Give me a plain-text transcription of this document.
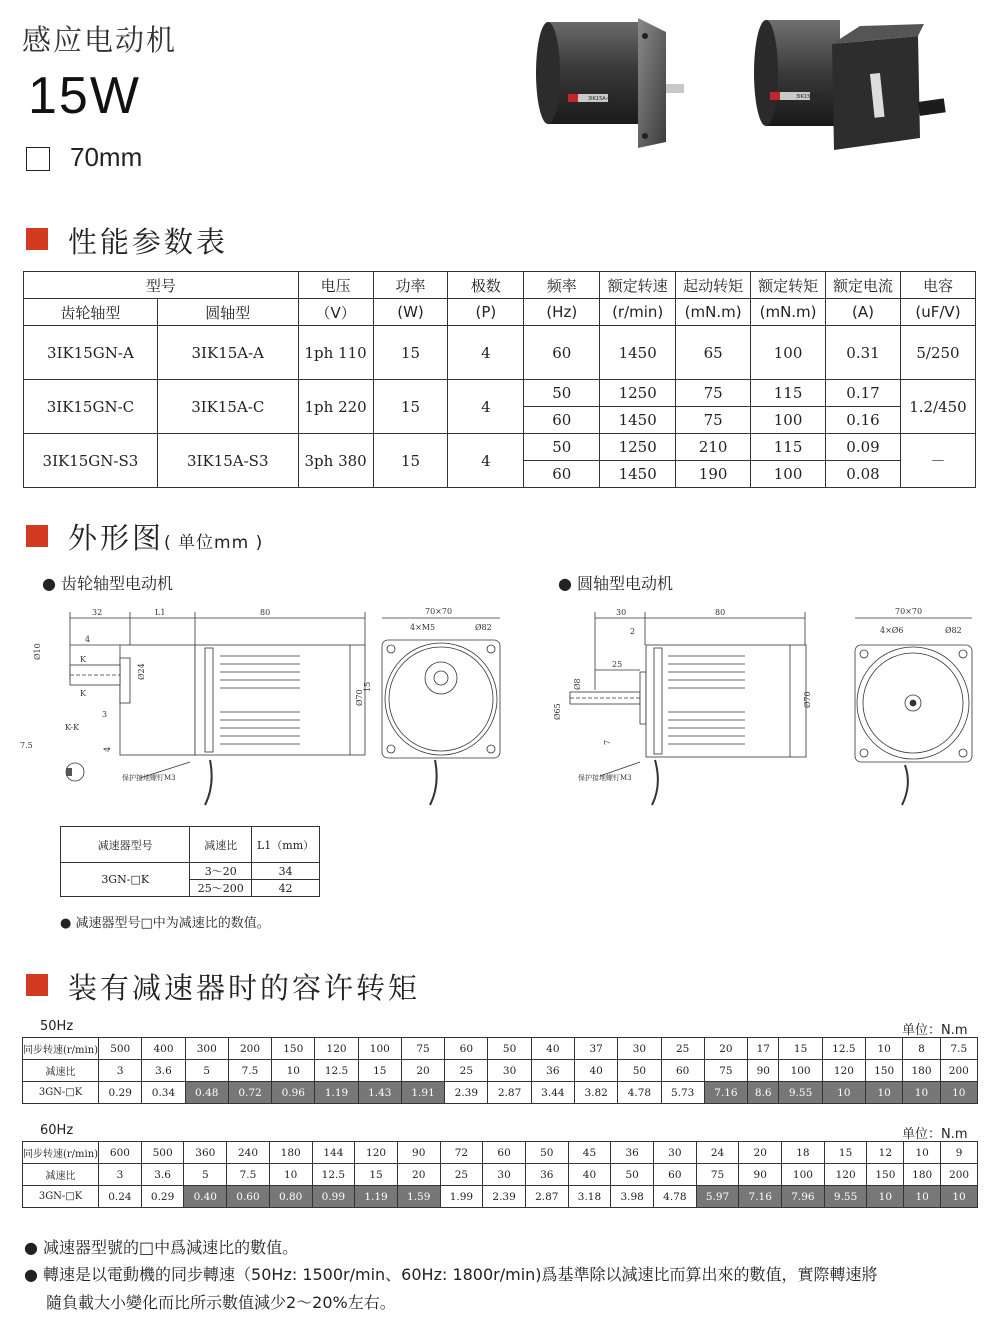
感应电动机
15W
70mm
3IK15A-C	3IK15GN-C
性能参数表
型号		电压	功率	极数	频率	额定转速	起动转矩	额定转矩	额定电流	电容
齿轮轴型	圆轴型	（V）	(W)	(P)	(Hz)	(r/min)	(mN.m)	(mN.m)	(A)	(uF/V)
3IK15GN-A	3IK15A-A	1ph 110	15	4	60	1450	65	100	0.31	5/250
3IK15GN-C	3IK15A-C	1ph 220	15	4	50	1250	75	115	0.17	1.2/450
					60	1450	75	100	0.16	
3IK15GN-S3	3IK15A-S3	3ph 380	15	4	50	1250	210	115	0.09	－
					60	1450	190	100	0.08	
外形图( 单位mm )
● 齿轮轴型电动机	● 圆轴型电动机
32	L1	80
4
K
K
Ø24
3
Ø10
Ø70
保护接地螺钉M3
K-K
7.5	4
70×70
4×M5	Ø82
15
30	80
2
25
Ø8
Ø65
7
Ø70
保护接地螺钉M3
70×70
4×Ø6	Ø82
减速器型号	减速比	L1（mm）
3GN-□K	3～20	34
	25～200	42
● 减速器型号□中为减速比的数值。
装有减速器时的容许转矩
50Hz	单位：N.m
同步转速(r/min)	500	400	300	200	150	120	100	75	60	50	40	37	30	25	20	17	15	12.5	10	8	7.5
减速比	3	3.6	5	7.5	10	12.5	15	20	25	30	36	40	50	60	75	90	100	120	150	180	200
3GN-□K	0.29	0.34	0.48	0.72	0.96	1.19	1.43	1.91	2.39	2.87	3.44	3.82	4.78	5.73	7.16	8.6	9.55	10	10	10	10
60Hz	单位：N.m
同步转速(r/min)	600	500	360	240	180	144	120	90	72	60	50	45	36	30	24	20	18	15	12	10	9
减速比	3	3.6	5	7.5	10	12.5	15	20	25	30	36	40	50	60	75	90	100	120	150	180	200
3GN-□K	0.24	0.29	0.40	0.60	0.80	0.99	1.19	1.59	1.99	2.39	2.87	3.18	3.98	4.78	5.97	7.16	7.96	9.55	10	10	10
● 减速器型號的□中爲減速比的數值。
● 轉速是以電動機的同步轉速（50Hz: 1500r/min、60Hz: 1800r/min)爲基準除以減速比而算出來的數值，實際轉速將
隨負載大小變化而比所示數值減少2～20%左右。
